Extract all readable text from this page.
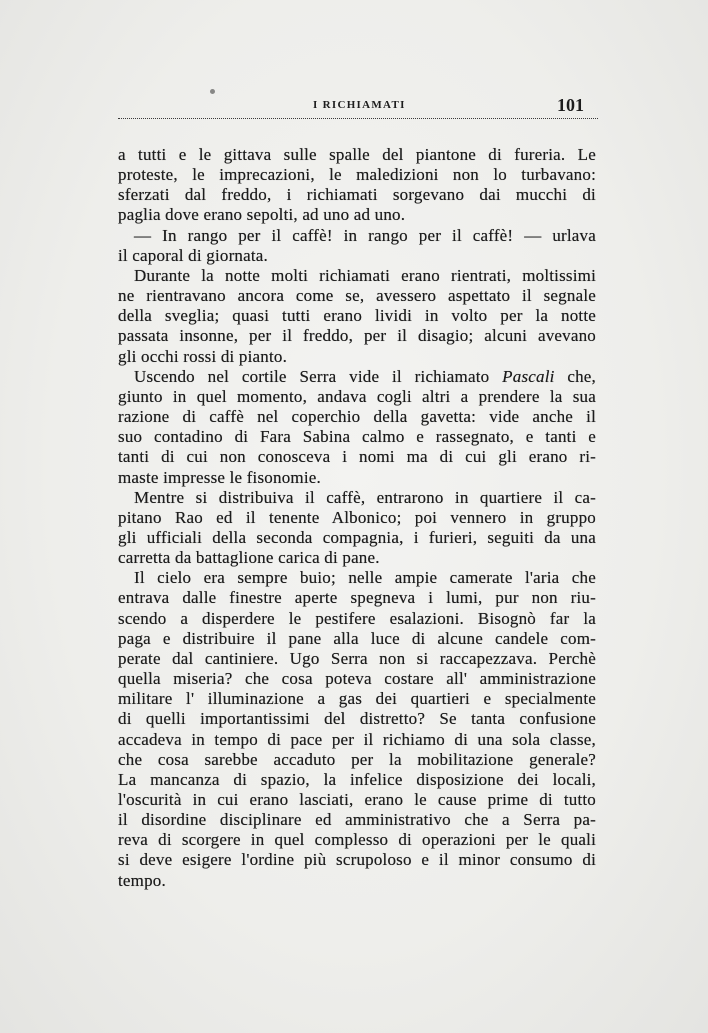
I RICHIAMATI	101
a tutti e le gittava sulle spalle del piantone di fureria. Le
proteste, le imprecazioni, le maledizioni non lo turbavano:
sferzati dal freddo, i richiamati sorgevano dai mucchi di
paglia dove erano sepolti, ad uno ad uno.
— In rango per il caffè! in rango per il caffè! — urlava
il caporal di giornata.
Durante la notte molti richiamati erano rientrati, moltissimi
ne rientravano ancora come se, avessero aspettato il segnale
della sveglia; quasi tutti erano lividi in volto per la notte
passata insonne, per il freddo, per il disagio; alcuni avevano
gli occhi rossi di pianto.
Uscendo nel cortile Serra vide il richiamato Pascali che,
giunto in quel momento, andava cogli altri a prendere la sua
razione di caffè nel coperchio della gavetta: vide anche il
suo contadino di Fara Sabina calmo e rassegnato, e tanti e
tanti di cui non conosceva i nomi ma di cui gli erano ri-
maste impresse le fisonomie.
Mentre si distribuiva il caffè, entrarono in quartiere il ca-
pitano Rao ed il tenente Albonico; poi vennero in gruppo
gli ufficiali della seconda compagnia, i furieri, seguiti da una
carretta da battaglione carica di pane.
Il cielo era sempre buio; nelle ampie camerate l'aria che
entrava dalle finestre aperte spegneva i lumi, pur non riu-
scendo a disperdere le pestifere esalazioni. Bisognò far la
paga e distribuire il pane alla luce di alcune candele com-
perate dal cantiniere. Ugo Serra non si raccapezzava. Perchè
quella miseria? che cosa poteva costare all' amministrazione
militare l' illuminazione a gas dei quartieri e specialmente
di quelli importantissimi del distretto? Se tanta confusione
accadeva in tempo di pace per il richiamo di una sola classe,
che cosa sarebbe accaduto per la mobilitazione generale?
La mancanza di spazio, la infelice disposizione dei locali,
l'oscurità in cui erano lasciati, erano le cause prime di tutto
il disordine disciplinare ed amministrativo che a Serra pa-
reva di scorgere in quel complesso di operazioni per le quali
si deve esigere l'ordine più scrupoloso e il minor consumo di
tempo.
